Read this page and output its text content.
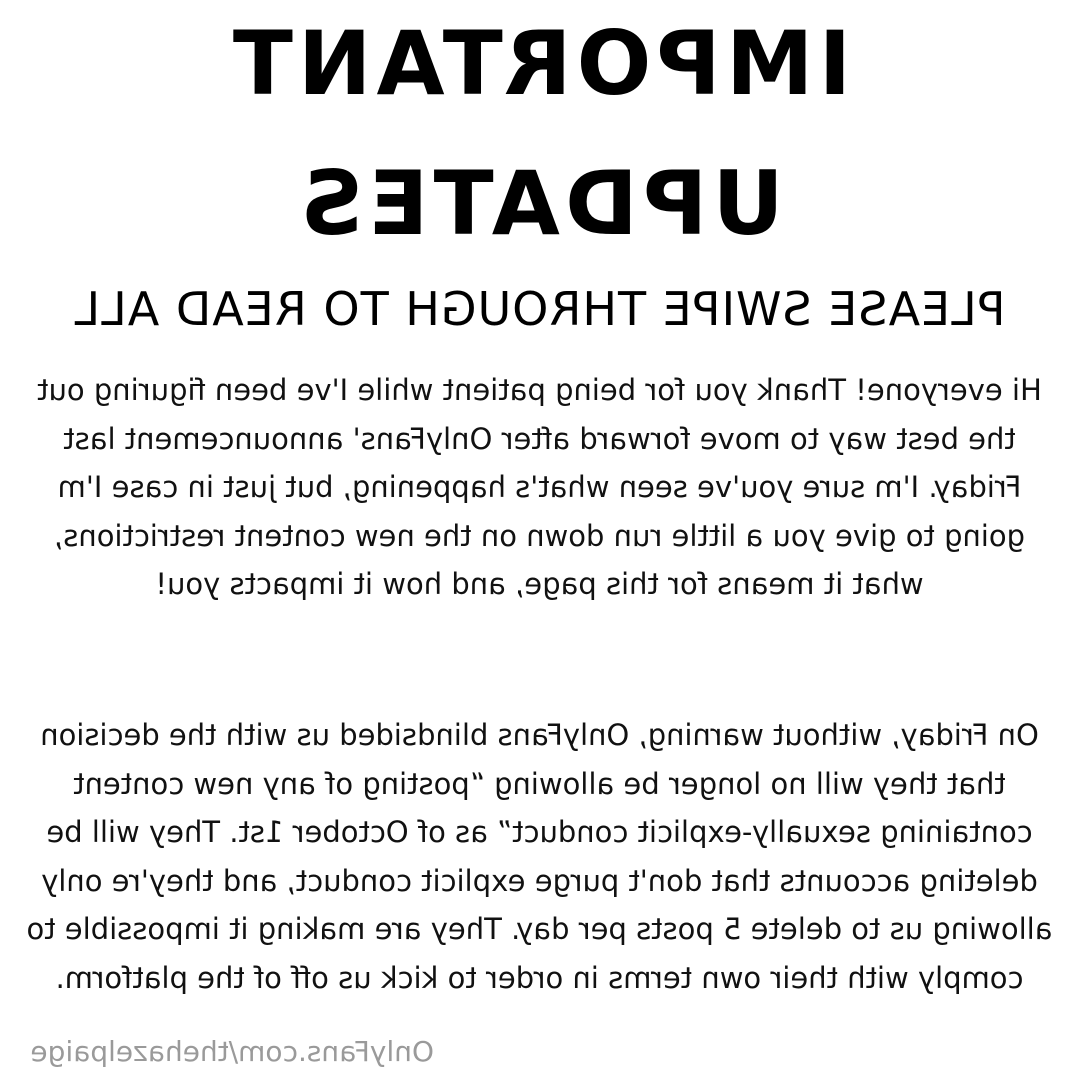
IMPORTANT
UPDATES

PLEASE SWIPE THROUGH TO READ ALL

Hi everyone! Thank you for being patient while I've been figuring out the best way to move forward after OnlyFans' announcement last Friday. I'm sure you've seen what's happening, but just in case I'm going to give you a little run down on the new content restrictions, what it means for this page, and how it impacts you!

On Friday, without warning, OnlyFans blindsided us with the decision that they will no longer be allowing “posting of any new content containing sexually-explicit conduct” as of October 1st. They will be deleting accounts that don't purge explicit conduct, and they're only allowing us to delete 5 posts per day. They are making it impossible to comply with their own terms in order to kick us off of the platform.

OnlyFans.com/thehazelpaige
